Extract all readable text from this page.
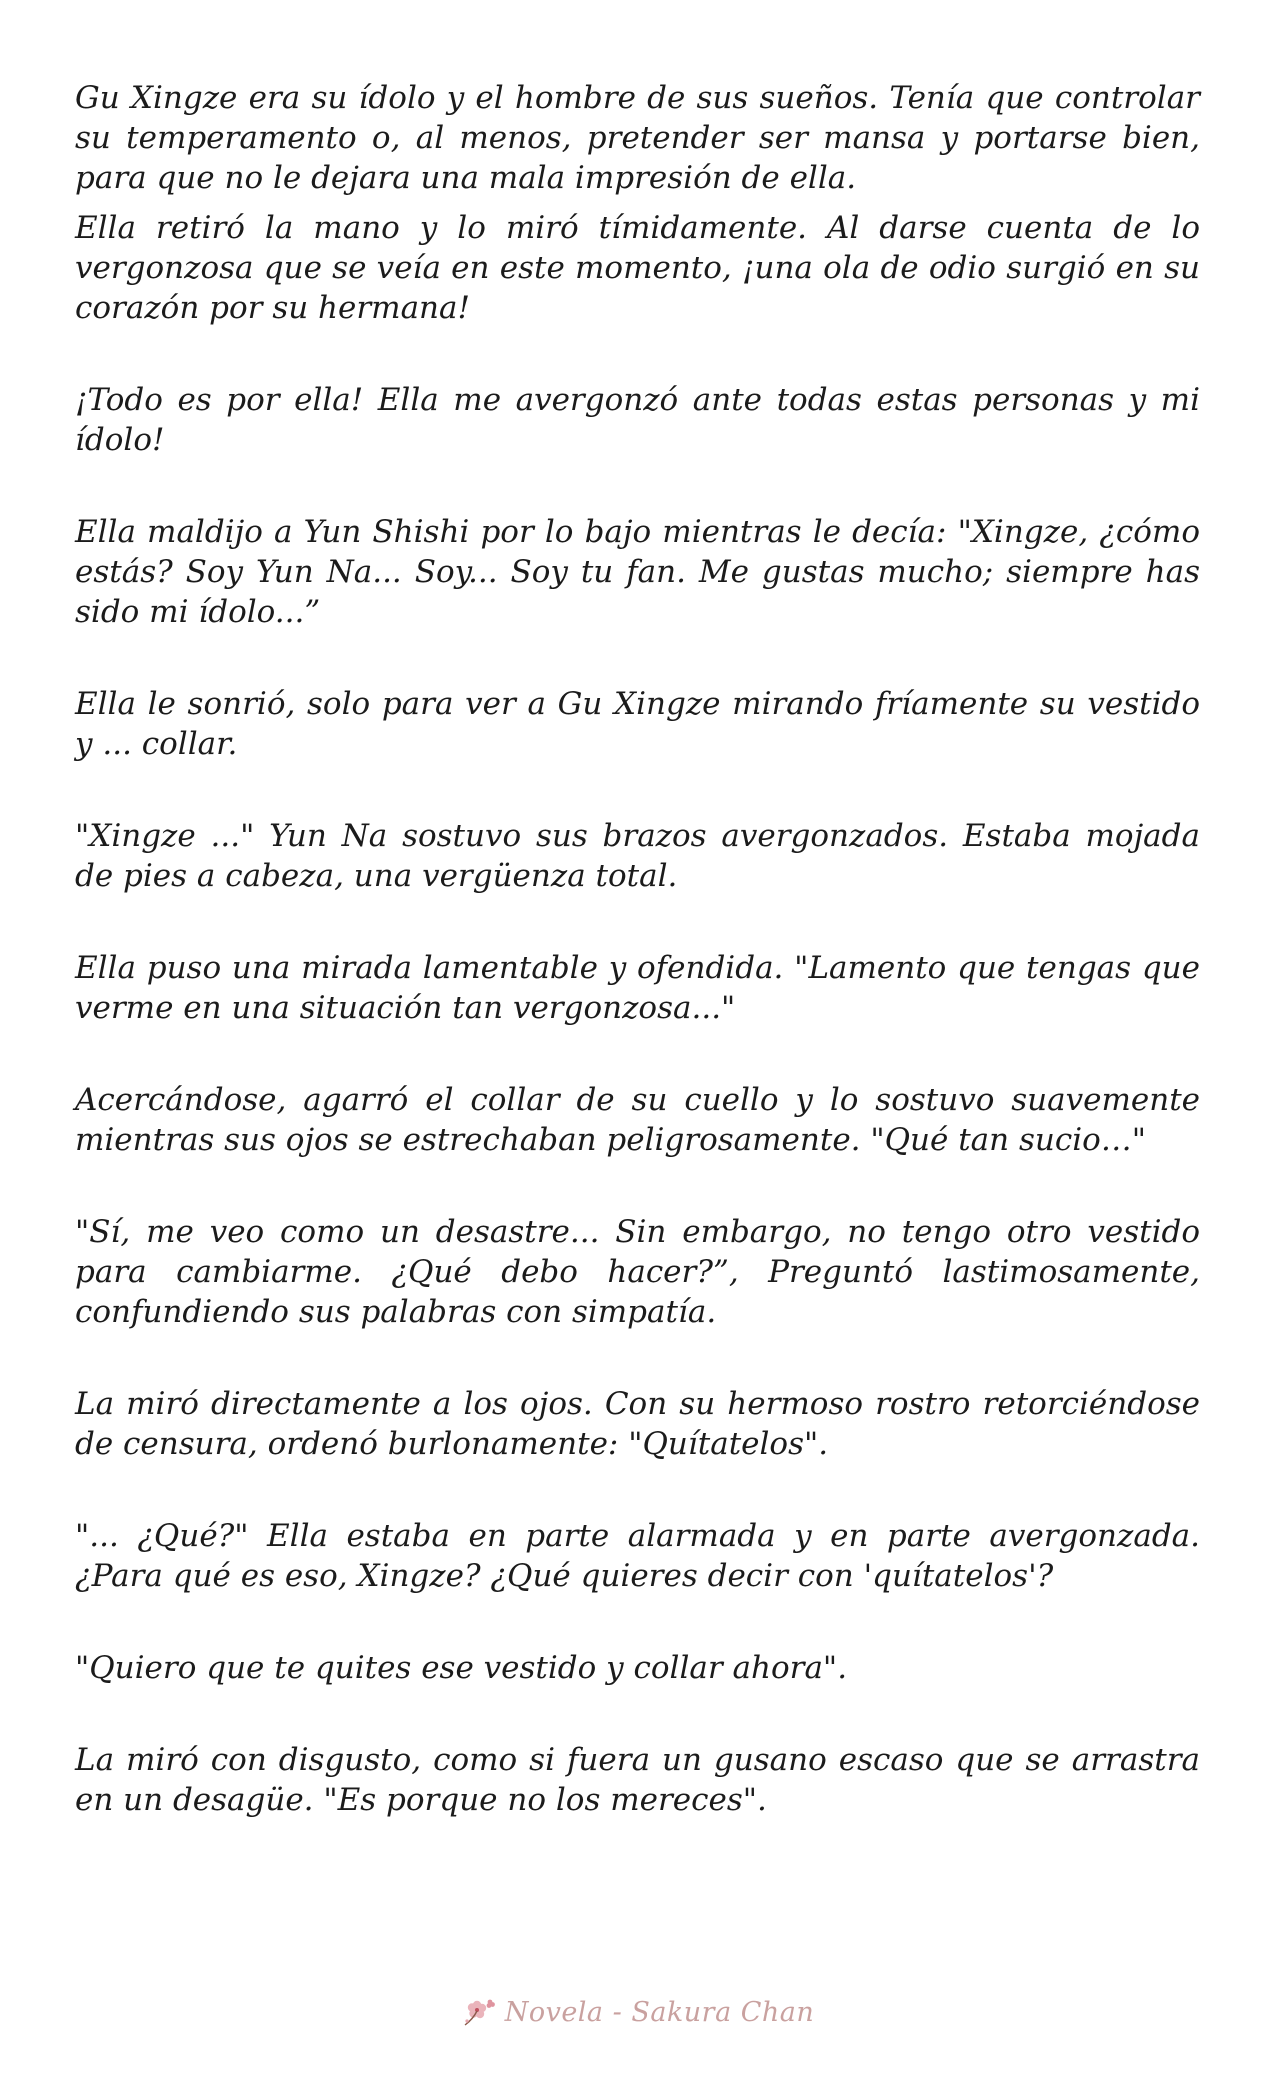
Gu Xingze era su ídolo y el hombre de sus sueños. Tenía que controlar su temperamento o, al menos, pretender ser mansa y portarse bien, para que no le dejara una mala impresión de ella.

Ella retiró la mano y lo miró tímidamente. Al darse cuenta de lo vergonzosa que se veía en este momento, ¡una ola de odio surgió en su corazón por su hermana!

¡Todo es por ella! Ella me avergonzó ante todas estas personas y mi ídolo!

Ella maldijo a Yun Shishi por lo bajo mientras le decía: "Xingze, ¿cómo estás? Soy Yun Na... Soy... Soy tu fan. Me gustas mucho; siempre has sido mi ídolo...”

Ella le sonrió, solo para ver a Gu Xingze mirando fríamente su vestido y ... collar.

"Xingze ..." Yun Na sostuvo sus brazos avergonzados. Estaba mojada de pies a cabeza, una vergüenza total.

Ella puso una mirada lamentable y ofendida. "Lamento que tengas que verme en una situación tan vergonzosa..."

Acercándose, agarró el collar de su cuello y lo sostuvo suavemente mientras sus ojos se estrechaban peligrosamente. "Qué tan sucio…"

"Sí, me veo como un desastre... Sin embargo, no tengo otro vestido para cambiarme. ¿Qué debo hacer?”, Preguntó lastimosamente, confundiendo sus palabras con simpatía.

La miró directamente a los ojos. Con su hermoso rostro retorciéndose de censura, ordenó burlonamente: "Quítatelos".

"... ¿Qué?" Ella estaba en parte alarmada y en parte avergonzada. ¿Para qué es eso, Xingze? ¿Qué quieres decir con 'quítatelos'?

"Quiero que te quites ese vestido y collar ahora".

La miró con disgusto, como si fuera un gusano escaso que se arrastra en un desagüe. "Es porque no los mereces".

Novela - Sakura Chan
